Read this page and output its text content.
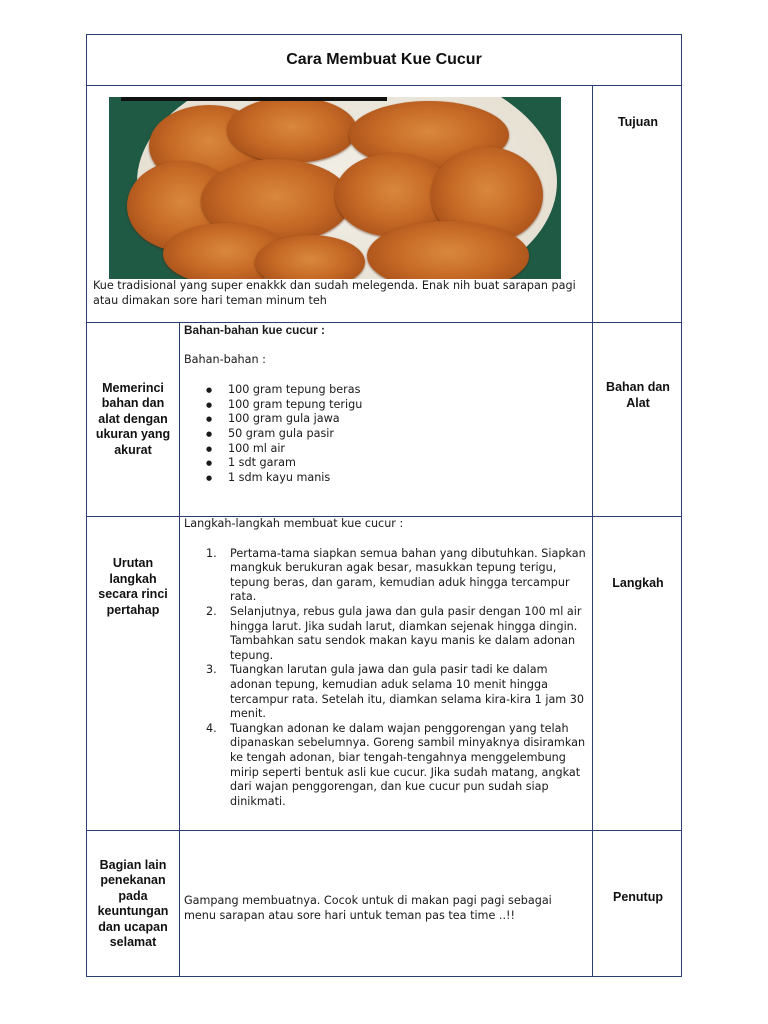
Cara Membuat Kue Cucur
Kue tradisional yang super enakkk dan sudah melegenda. Enak nih buat sarapan pagi atau dimakan sore hari teman minum teh
Tujuan
Memerinci bahan dan alat dengan ukuran yang akurat
Bahan-bahan kue cucur :
Bahan-bahan :
● 100 gram tepung beras
● 100 gram tepung terigu
● 100 gram gula jawa
● 50 gram gula pasir
● 100 ml air
● 1 sdt garam
● 1 sdm kayu manis
Bahan dan Alat
Urutan langkah secara rinci pertahap
Langkah-langkah membuat kue cucur :
1. Pertama-tama siapkan semua bahan yang dibutuhkan. Siapkan mangkuk berukuran agak besar, masukkan tepung terigu, tepung beras, dan garam, kemudian aduk hingga tercampur rata.
2. Selanjutnya, rebus gula jawa dan gula pasir dengan 100 ml air hingga larut. Jika sudah larut, diamkan sejenak hingga dingin. Tambahkan satu sendok makan kayu manis ke dalam adonan tepung.
3. Tuangkan larutan gula jawa dan gula pasir tadi ke dalam adonan tepung, kemudian aduk selama 10 menit hingga tercampur rata. Setelah itu, diamkan selama kira-kira 1 jam 30 menit.
4. Tuangkan adonan ke dalam wajan penggorengan yang telah dipanaskan sebelumnya. Goreng sambil minyaknya disiramkan ke tengah adonan, biar tengah-tengahnya menggelembung mirip seperti bentuk asli kue cucur. Jika sudah matang, angkat dari wajan penggorengan, dan kue cucur pun sudah siap dinikmati.
Langkah
Bagian lain penekanan pada keuntungan dan ucapan selamat
Gampang membuatnya. Cocok untuk di makan pagi pagi sebagai menu sarapan atau sore hari untuk teman pas tea time ..!!
Penutup
